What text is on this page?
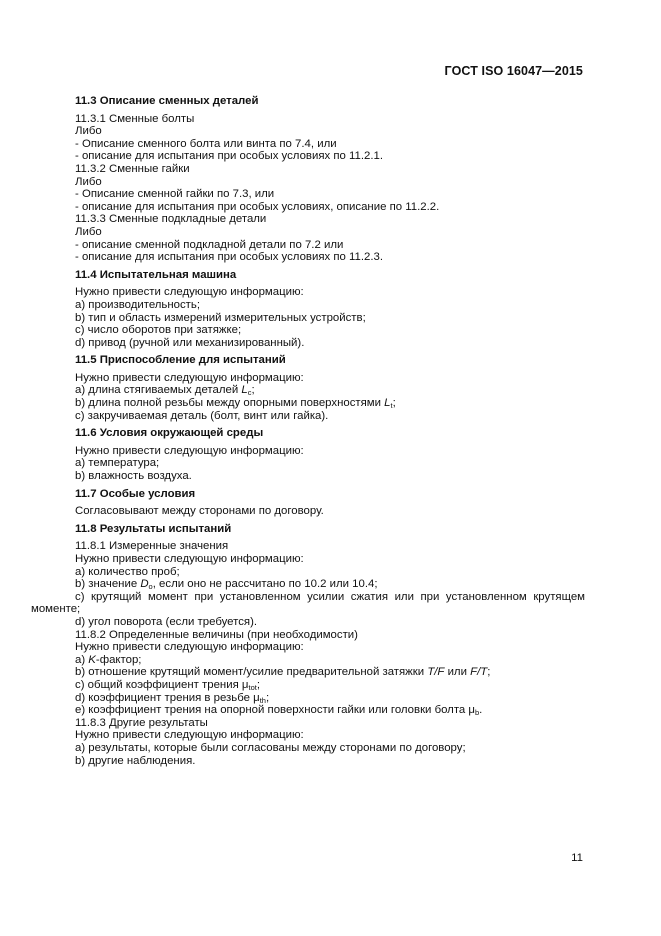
ГОСТ ISO 16047—2015
11.3 Описание сменных деталей
11.3.1 Сменные болты
Либо
- Описание сменного болта или винта по 7.4, или
- описание для испытания при особых условиях по 11.2.1.
11.3.2 Сменные гайки
Либо
- Описание сменной гайки по 7.3, или
- описание для испытания при особых условиях, описание по 11.2.2.
11.3.3 Сменные подкладные детали
Либо
- описание сменной подкладной детали по 7.2 или
- описание для испытания при особых условиях по 11.2.3.
11.4 Испытательная машина
Нужно привести следующую информацию:
a) производительность;
b) тип и область измерений измерительных устройств;
c) число оборотов при затяжке;
d) привод (ручной или механизированный).
11.5 Приспособление для испытаний
Нужно привести следующую информацию:
a) длина стягиваемых деталей $L_c$;
b) длина полной резьбы между опорными поверхностями $L_t$;
c) закручиваемая деталь (болт, винт или гайка).
11.6 Условия окружающей среды
Нужно привести следующую информацию:
a) температура;
b) влажность воздуха.
11.7 Особые условия
Согласовывают между сторонами по договору.
11.8 Результаты испытаний
11.8.1 Измеренные значения
Нужно привести следующую информацию:
a) количество проб;
b) значение $D_o$, если оно не рассчитано по 10.2 или 10.4;
c) крутящий момент при установленном усилии сжатия или при установленном крутящем
моменте;
d) угол поворота (если требуется).
11.8.2 Определенные величины (при необходимости)
Нужно привести следующую информацию:
a) K-фактор;
b) отношение крутящий момент/усилие предварительной затяжки T/F или F/T;
c) общий коэффициент трения $\mu_{tot}$;
d) коэффициент трения в резьбе $\mu_{th}$;
e) коэффициент трения на опорной поверхности гайки или головки болта $\mu_b$.
11.8.3 Другие результаты
Нужно привести следующую информацию:
a) результаты, которые были согласованы между сторонами по договору;
b) другие наблюдения.
11
